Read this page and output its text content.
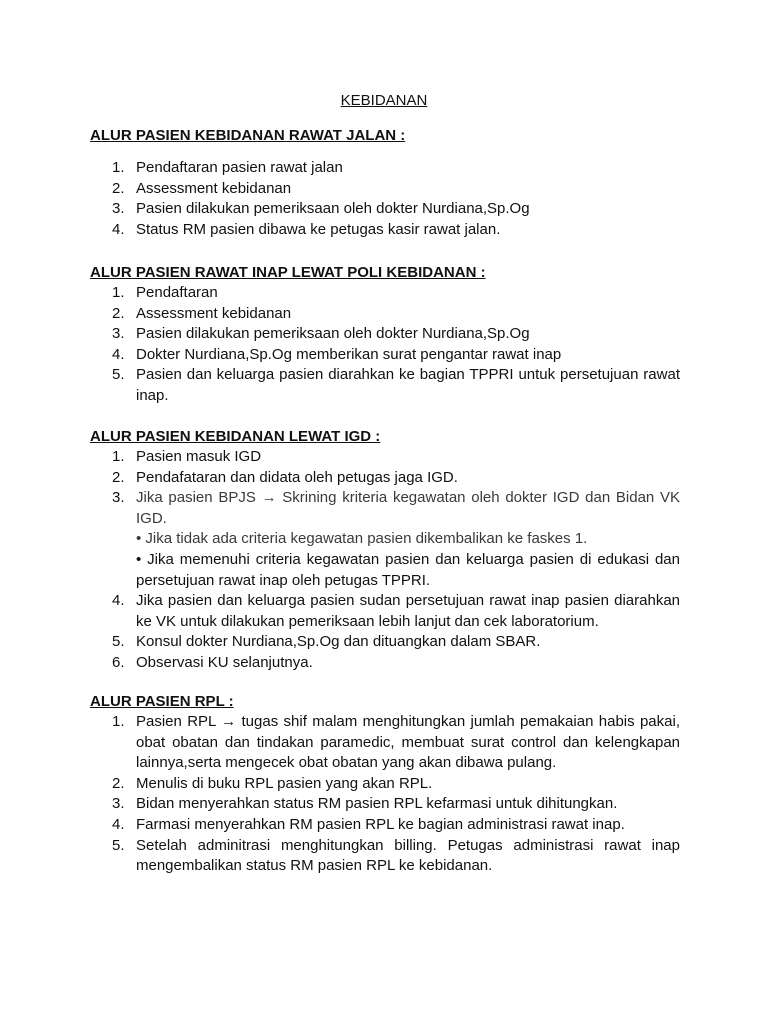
KEBIDANAN

ALUR PASIEN KEBIDANAN RAWAT JALAN :

1. Pendaftaran pasien rawat jalan
2. Assessment kebidanan
3. Pasien dilakukan pemeriksaan oleh dokter Nurdiana,Sp.Og
4. Status RM pasien dibawa ke petugas kasir rawat jalan.

ALUR PASIEN RAWAT INAP LEWAT POLI KEBIDANAN :

1. Pendaftaran
2. Assessment kebidanan
3. Pasien dilakukan pemeriksaan oleh dokter Nurdiana,Sp.Og
4. Dokter Nurdiana,Sp.Og memberikan surat pengantar rawat inap
5. Pasien dan keluarga pasien diarahkan ke bagian TPPRI untuk persetujuan rawat inap.

ALUR PASIEN KEBIDANAN LEWAT IGD :

1. Pasien masuk IGD
2. Pendafataran dan didata oleh petugas jaga IGD.
3. Jika pasien BPJS → Skrining kriteria kegawatan oleh dokter IGD dan Bidan VK IGD.
• Jika tidak ada criteria kegawatan pasien dikembalikan ke faskes 1.
• Jika memenuhi criteria kegawatan pasien dan keluarga pasien di edukasi dan persetujuan rawat inap oleh petugas TPPRI.
4. Jika pasien dan keluarga pasien sudan persetujuan rawat inap pasien diarahkan ke VK untuk dilakukan pemeriksaan lebih lanjut dan cek laboratorium.
5. Konsul dokter Nurdiana,Sp.Og dan dituangkan dalam SBAR.
6. Observasi KU selanjutnya.

ALUR PASIEN RPL :

1. Pasien RPL → tugas shif malam menghitungkan jumlah pemakaian habis pakai, obat obatan dan tindakan paramedic, membuat surat control dan kelengkapan lainnya,serta mengecek obat obatan yang akan dibawa pulang.
2. Menulis di buku RPL pasien yang akan RPL.
3. Bidan menyerahkan status RM pasien RPL kefarmasi untuk dihitungkan.
4. Farmasi menyerahkan RM pasien RPL ke bagian administrasi rawat inap.
5. Setelah adminitrasi menghitungkan billing. Petugas administrasi rawat inap mengembalikan status RM pasien RPL ke kebidanan.
